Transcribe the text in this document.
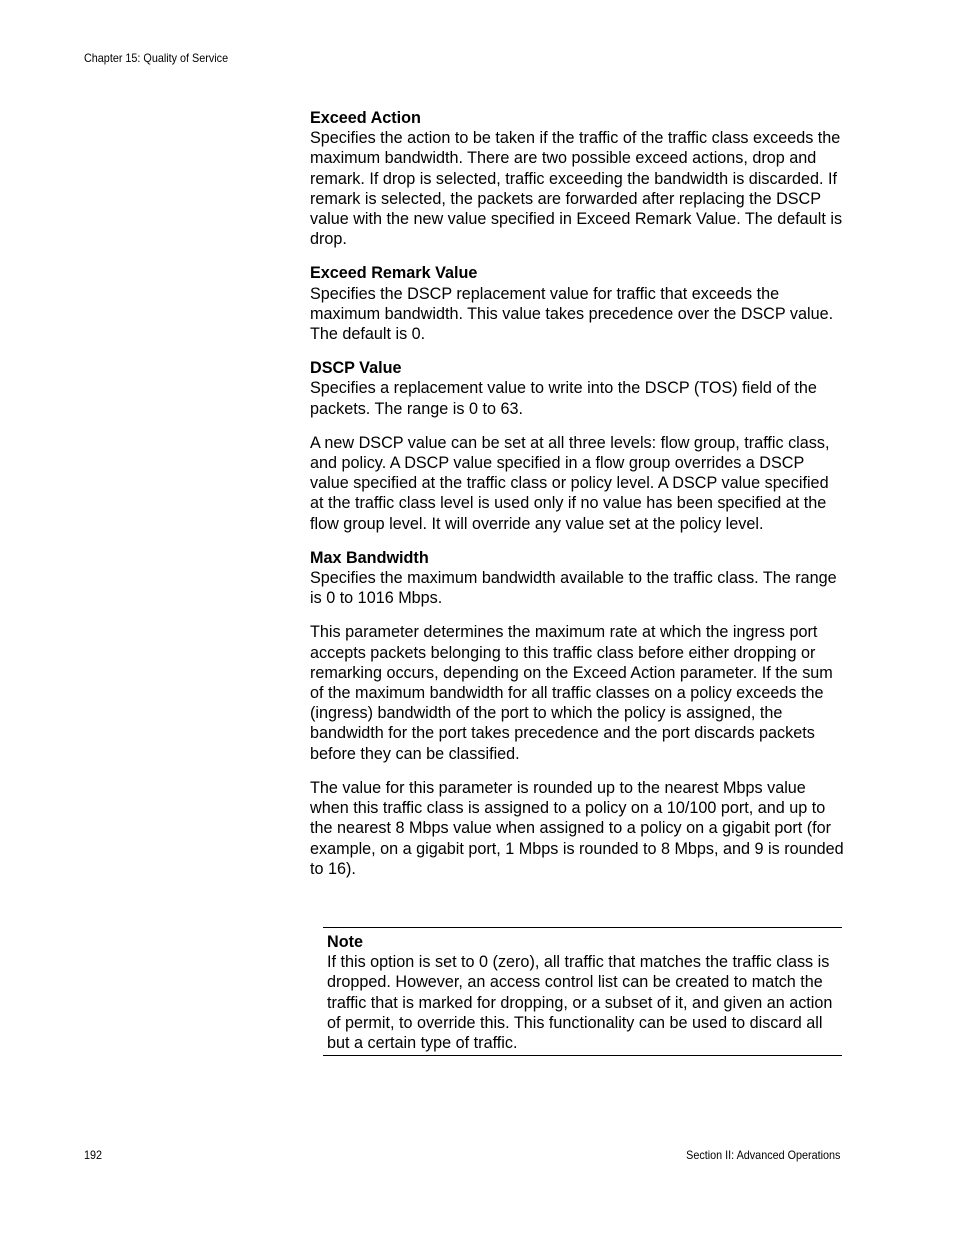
Chapter 15: Quality of Service

Exceed Action

Specifies the action to be taken if the traffic of the traffic class exceeds the maximum bandwidth. There are two possible exceed actions, drop and remark. If drop is selected, traffic exceeding the bandwidth is discarded. If remark is selected, the packets are forwarded after replacing the DSCP value with the new value specified in Exceed Remark Value. The default is drop.

Exceed Remark Value

Specifies the DSCP replacement value for traffic that exceeds the maximum bandwidth. This value takes precedence over the DSCP value. The default is 0.

DSCP Value

Specifies a replacement value to write into the DSCP (TOS) field of the packets. The range is 0 to 63.

A new DSCP value can be set at all three levels: flow group, traffic class, and policy. A DSCP value specified in a flow group overrides a DSCP value specified at the traffic class or policy level. A DSCP value specified at the traffic class level is used only if no value has been specified at the flow group level. It will override any value set at the policy level.

Max Bandwidth

Specifies the maximum bandwidth available to the traffic class. The range is 0 to 1016 Mbps.

This parameter determines the maximum rate at which the ingress port accepts packets belonging to this traffic class before either dropping or remarking occurs, depending on the Exceed Action parameter. If the sum of the maximum bandwidth for all traffic classes on a policy exceeds the (ingress) bandwidth of the port to which the policy is assigned, the bandwidth for the port takes precedence and the port discards packets before they can be classified.

The value for this parameter is rounded up to the nearest Mbps value when this traffic class is assigned to a policy on a 10/100 port, and up to the nearest 8 Mbps value when assigned to a policy on a gigabit port (for example, on a gigabit port, 1 Mbps is rounded to 8 Mbps, and 9 is rounded to 16).

Note

If this option is set to 0 (zero), all traffic that matches the traffic class is dropped. However, an access control list can be created to match the traffic that is marked for dropping, or a subset of it, and given an action of permit, to override this. This functionality can be used to discard all but a certain type of traffic.

192	Section II: Advanced Operations
